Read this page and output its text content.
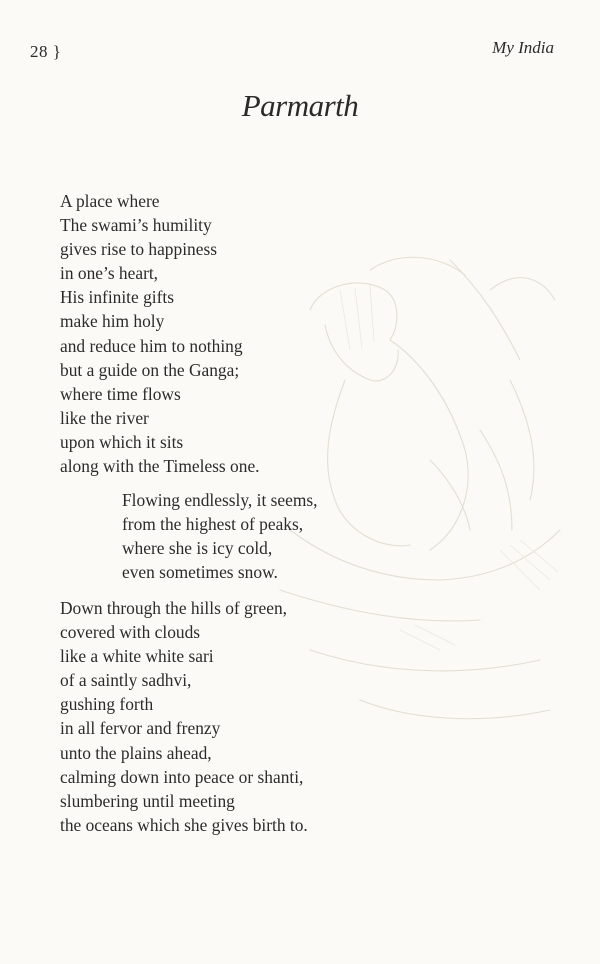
28 }	My India
Parmarth
A place where
The swami’s humility
gives rise to happiness
in one’s heart,
His infinite gifts
make him holy
and reduce him to nothing
but a guide on the Ganga;
where time flows
like the river
upon which it sits
along with the Timeless one.
Flowing endlessly, it seems,
from the highest of peaks,
where she is icy cold,
even sometimes snow.
Down through the hills of green,
covered with clouds
like a white white sari
of a saintly sadhvi,
gushing forth
in all fervor and frenzy
unto the plains ahead,
calming down into peace or shanti,
slumbering until meeting
the oceans which she gives birth to.
